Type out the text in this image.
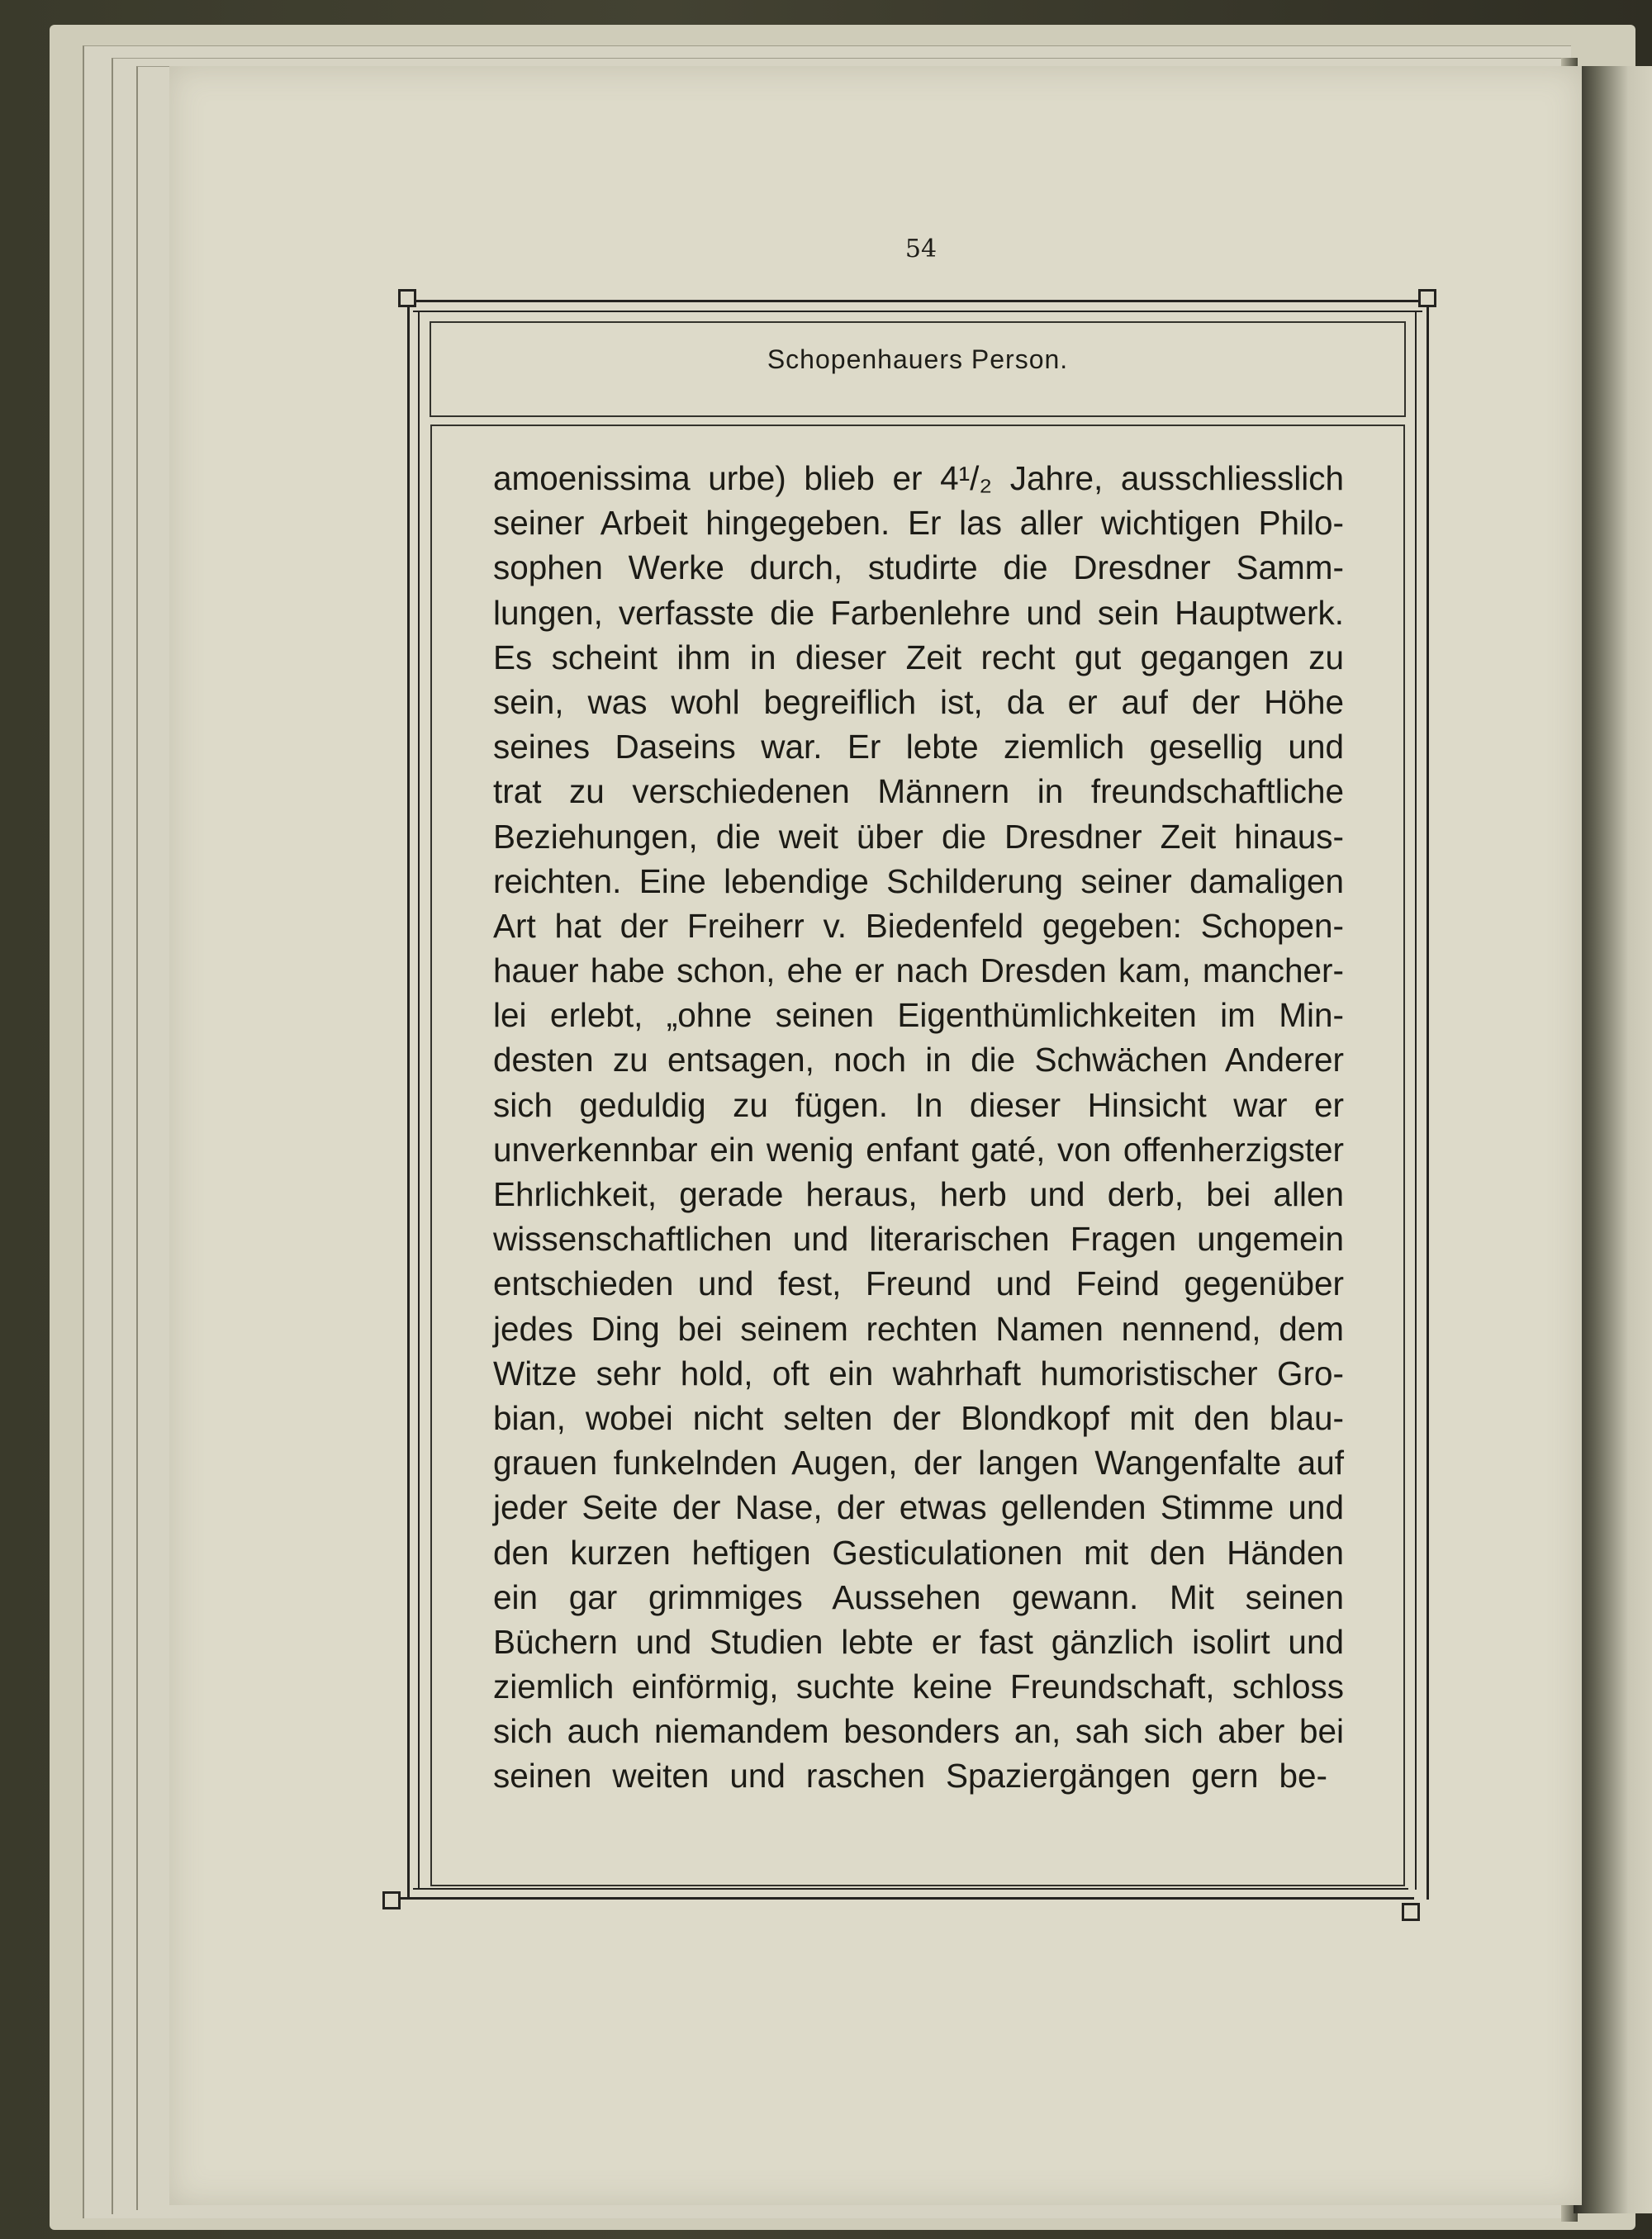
54
Schopenhauers Person.
amoenissima urbe) blieb er 4¹/₂ Jahre, ausschliesslich
seiner Arbeit hingegeben. Er las aller wichtigen Philo-
sophen Werke durch, studirte die Dresdner Samm-
lungen, verfasste die Farbenlehre und sein Hauptwerk.
Es scheint ihm in dieser Zeit recht gut gegangen zu
sein, was wohl begreiflich ist, da er auf der Höhe
seines Daseins war. Er lebte ziemlich gesellig und
trat zu verschiedenen Männern in freundschaftliche
Beziehungen, die weit über die Dresdner Zeit hinaus-
reichten. Eine lebendige Schilderung seiner damaligen
Art hat der Freiherr v. Biedenfeld gegeben: Schopen-
hauer habe schon, ehe er nach Dresden kam, mancher-
lei erlebt, „ohne seinen Eigenthümlichkeiten im Min-
desten zu entsagen, noch in die Schwächen Anderer
sich geduldig zu fügen. In dieser Hinsicht war er
unverkennbar ein wenig enfant gaté, von offenherzigster
Ehrlichkeit, gerade heraus, herb und derb, bei allen
wissenschaftlichen und literarischen Fragen ungemein
entschieden und fest, Freund und Feind gegenüber
jedes Ding bei seinem rechten Namen nennend, dem
Witze sehr hold, oft ein wahrhaft humoristischer Gro-
bian, wobei nicht selten der Blondkopf mit den blau-
grauen funkelnden Augen, der langen Wangenfalte auf
jeder Seite der Nase, der etwas gellenden Stimme und
den kurzen heftigen Gesticulationen mit den Händen
ein gar grimmiges Aussehen gewann. Mit seinen
Büchern und Studien lebte er fast gänzlich isolirt und
ziemlich einförmig, suchte keine Freundschaft, schloss
sich auch niemandem besonders an, sah sich aber bei
seinen weiten und raschen Spaziergängen gern be-
